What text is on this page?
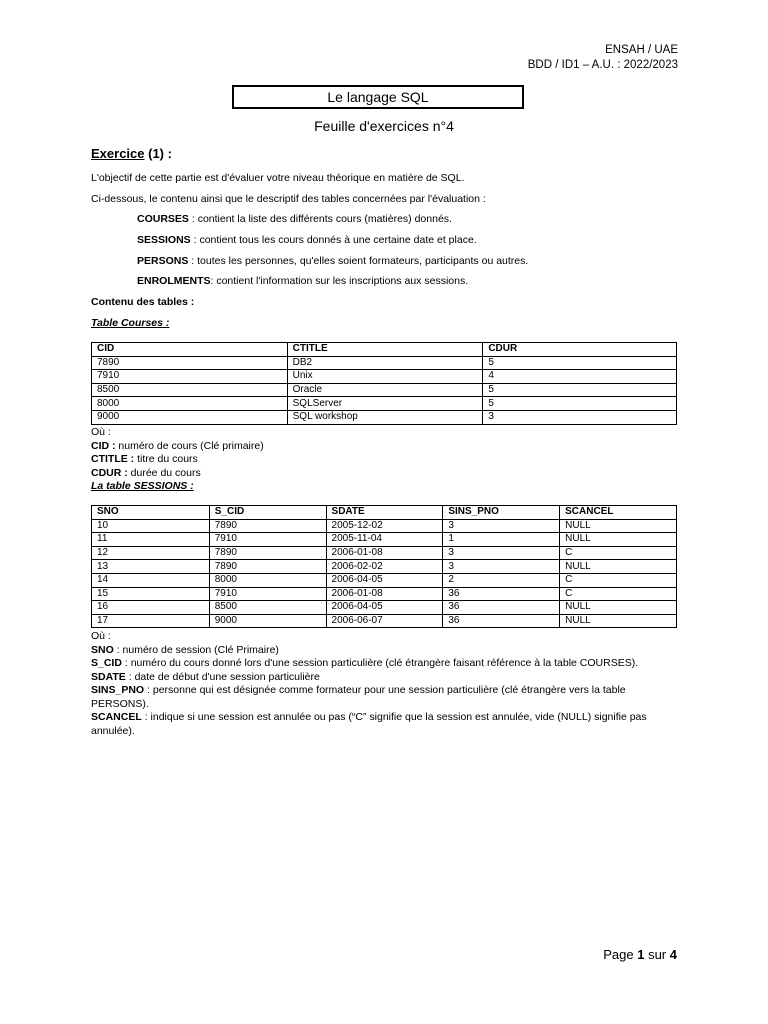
ENSAH / UAE
BDD / ID1 – A.U. : 2022/2023
Le langage SQL
Feuille d'exercices n°4
Exercice (1) :
L'objectif de cette partie est d'évaluer votre niveau théorique en matière de SQL.
Ci-dessous, le contenu ainsi que le descriptif des tables concernées par l'évaluation :
COURSES : contient la liste des différents cours (matières) donnés.
SESSIONS : contient tous les cours donnés à une certaine date et place.
PERSONS : toutes les personnes, qu'elles soient formateurs, participants ou autres.
ENROLMENTS: contient l'information sur les inscriptions aux sessions.
Contenu des tables :
Table Courses :
CID	CTITLE	CDUR
7890	DB2	5
7910	Unix	4
8500	Oracle	5
8000	SQLServer	5
9000	SQL workshop	3
Où :
CID : numéro de cours (Clé primaire)
CTITLE : titre du cours
CDUR : durée du cours
La table SESSIONS :
SNO	S_CID	SDATE	SINS_PNO	SCANCEL
10	7890	2005-12-02	3	NULL
11	7910	2005-11-04	1	NULL
12	7890	2006-01-08	3	C
13	7890	2006-02-02	3	NULL
14	8000	2006-04-05	2	C
15	7910	2006-01-08	36	C
16	8500	2006-04-05	36	NULL
17	9000	2006-06-07	36	NULL
Où :
SNO : numéro de session (Clé Primaire)
S_CID : numéro du cours donné lors d'une session particulière (clé étrangère faisant référence à la table COURSES).
SDATE : date de début d'une session particulière
SINS_PNO : personne qui est désignée comme formateur pour une session particulière (clé étrangère vers la table
PERSONS).
SCANCEL : indique si une session est annulée ou pas (“C” signifie que la session est annulée, vide (NULL) signifie pas
annulée).
Page 1 sur 4
